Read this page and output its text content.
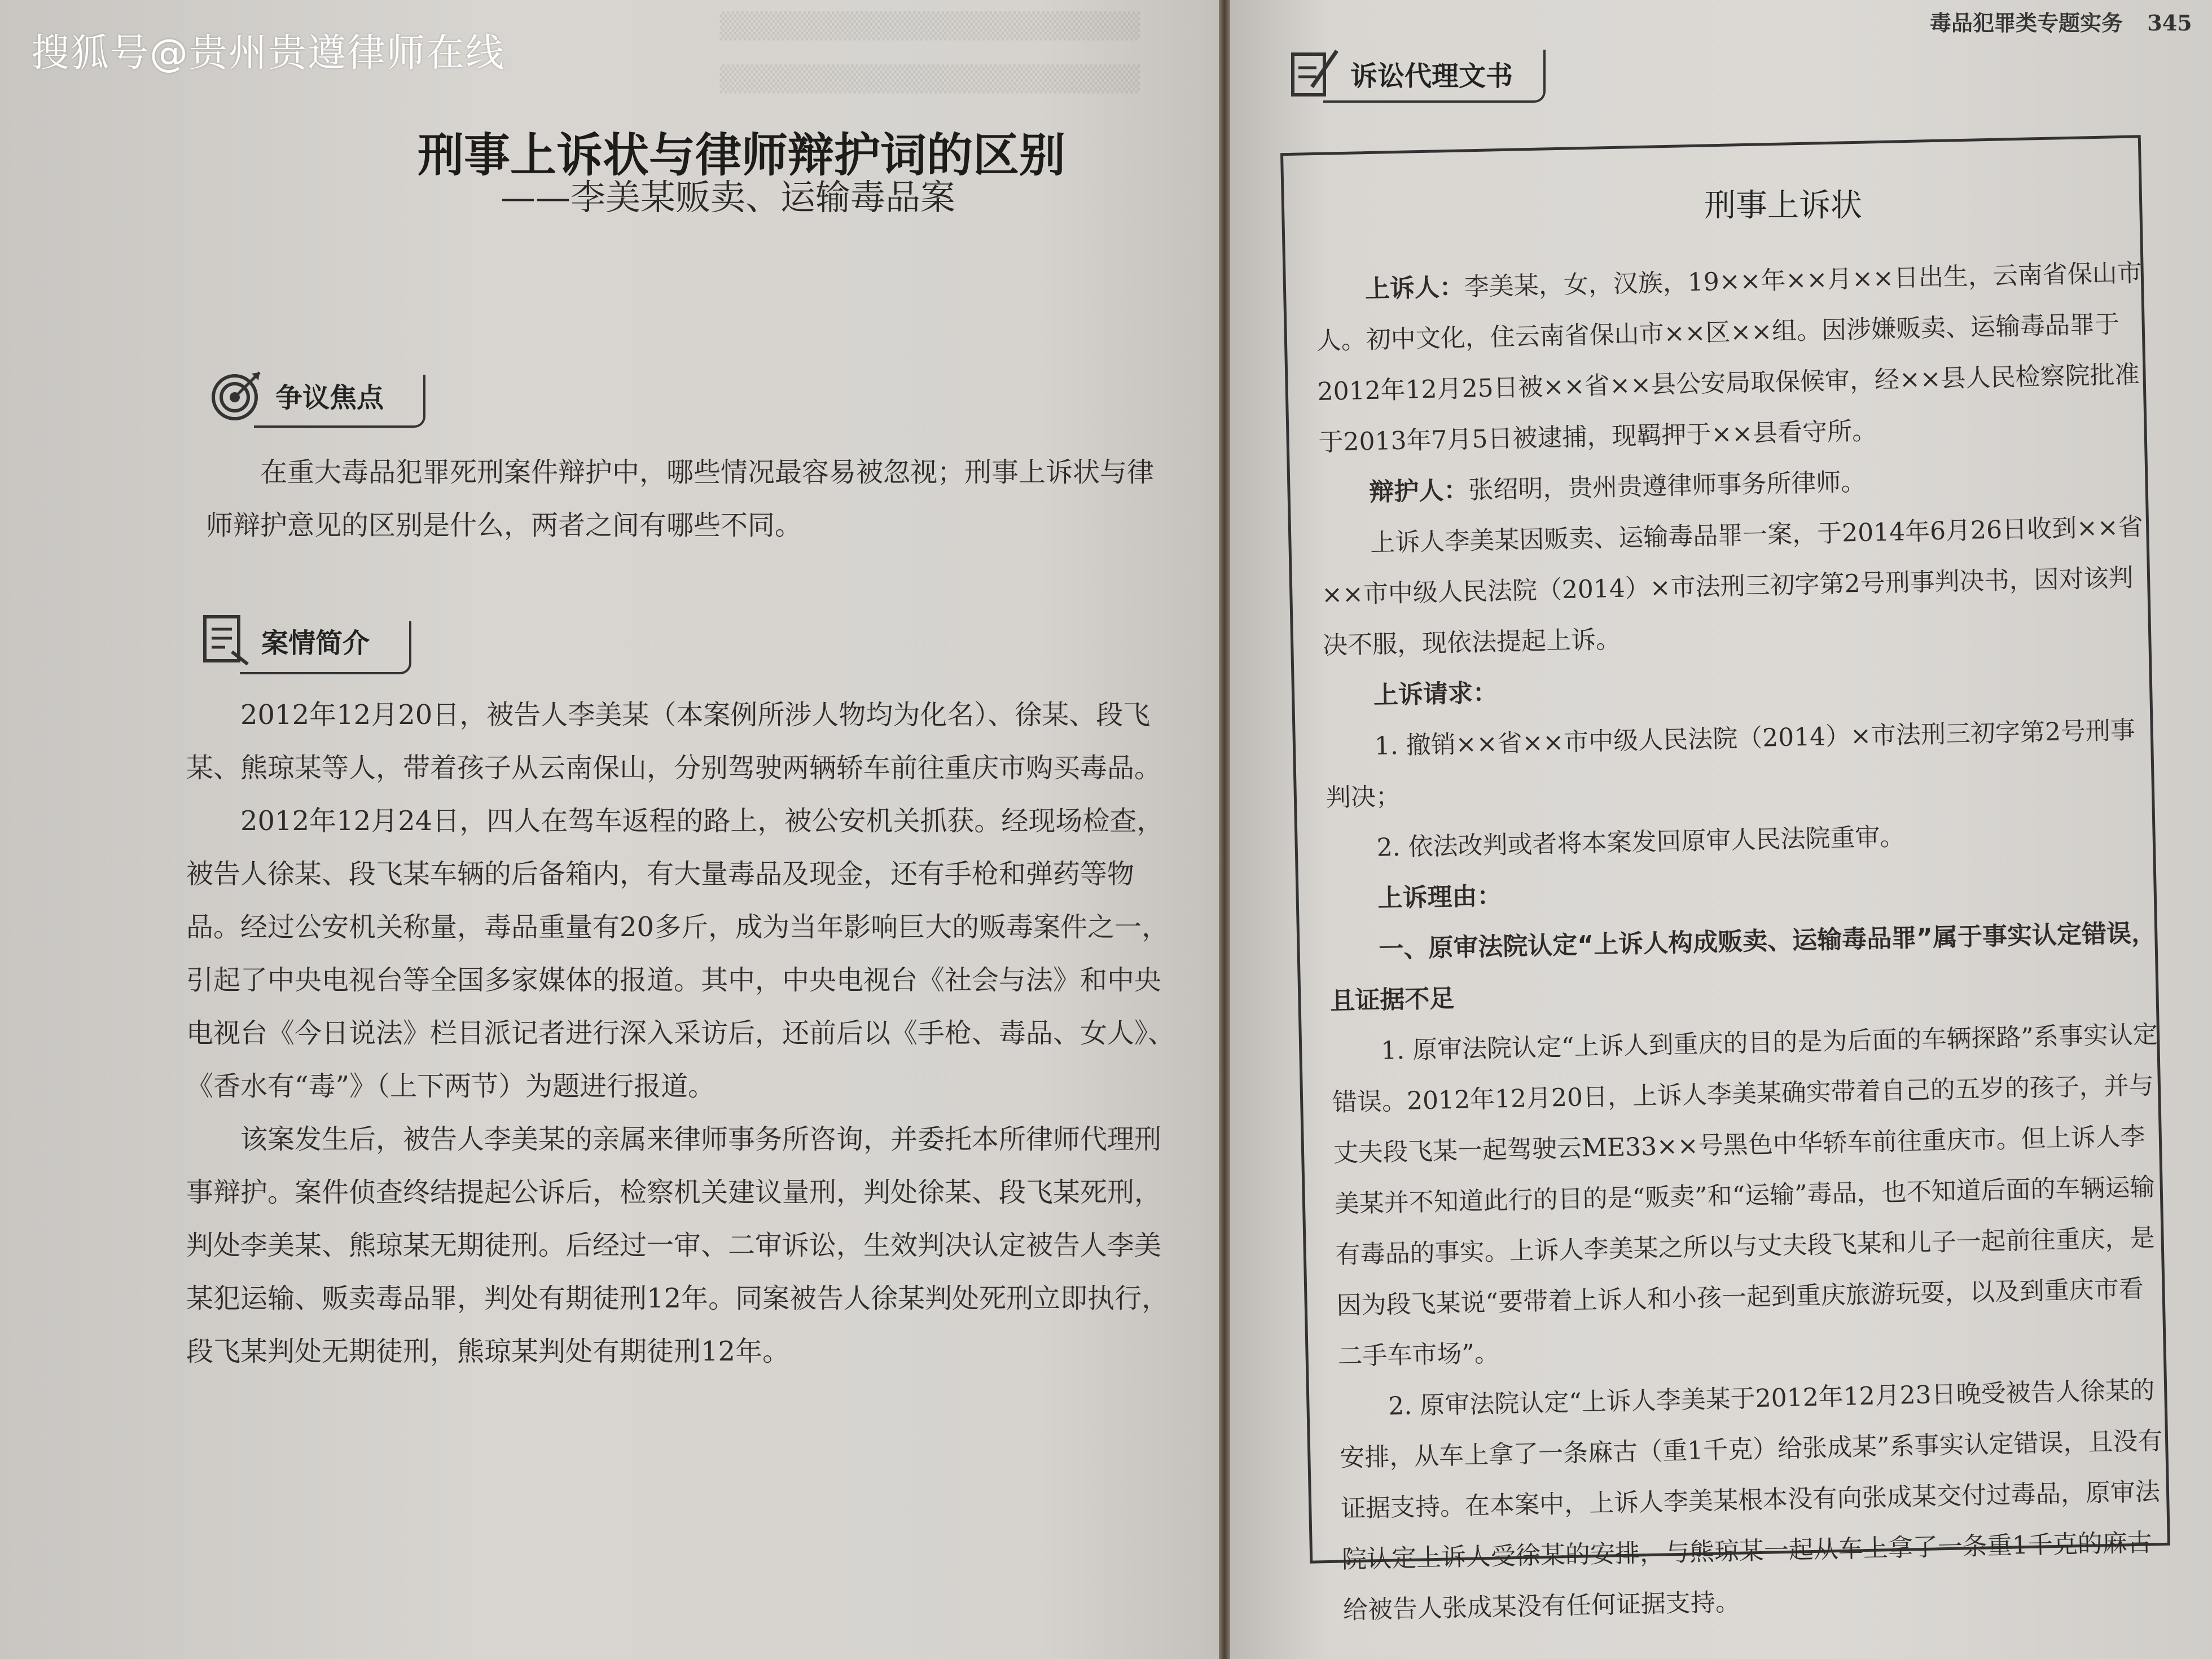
▒▒▒▒▒▒▒▒▒▒▒▒▒▒▒▒▒▒▒▒▒▒
▒▒▒▒▒▒▒▒▒▒▒▒▒▒▒▒▒▒▒▒▒▒
搜狐号@贵州贵遵律师在线
刑事上诉状与律师辩护词的区别
——李美某贩卖、运输毒品案
争议焦点

在重大毒品犯罪死刑案件辩护中，哪些情况最容易被忽视；刑事上诉状与律师辩护意见的区别是什么，两者之间有哪些不同。

案情简介

2012年12月20日，被告人李美某（本案例所涉人物均为化名）、徐某、段飞某、熊琼某等人，带着孩子从云南保山，分别驾驶两辆轿车前往重庆市购买毒品。

2012年12月24日，四人在驾车返程的路上，被公安机关抓获。经现场检查，被告人徐某、段飞某车辆的后备箱内，有大量毒品及现金，还有手枪和弹药等物品。经过公安机关称量，毒品重量有20多斤，成为当年影响巨大的贩毒案件之一，引起了中央电视台等全国多家媒体的报道。其中，中央电视台《社会与法》和中央电视台《今日说法》栏目派记者进行深入采访后，还前后以《手枪、毒品、女人》、《香水有“毒”》（上下两节）为题进行报道。

该案发生后，被告人李美某的亲属来律师事务所咨询，并委托本所律师代理刑事辩护。案件侦查终结提起公诉后，检察机关建议量刑，判处徐某、段飞某死刑，判处李美某、熊琼某无期徒刑。后经过一审、二审诉讼，生效判决认定被告人李美某犯运输、贩卖毒品罪，判处有期徒刑12年。同案被告人徐某判处死刑立即执行，段飞某判处无期徒刑，熊琼某判处有期徒刑12年。

毒品犯罪类专题实务 345
诉讼代理文书
刑事上诉状

上诉人：李美某，女，汉族，19××年××月××日出生，云南省保山市人。初中文化，住云南省保山市××区××组。因涉嫌贩卖、运输毒品罪于2012年12月25日被××省××县公安局取保候审，经××县人民检察院批准于2013年7月5日被逮捕，现羁押于××县看守所。

辩护人：张绍明，贵州贵遵律师事务所律师。

上诉人李美某因贩卖、运输毒品罪一案，于2014年6月26日收到××省××市中级人民法院（2014）×市法刑三初字第2号刑事判决书，因对该判决不服，现依法提起上诉。

上诉请求：

1. 撤销××省××市中级人民法院（2014）×市法刑三初字第2号刑事判决；

2. 依法改判或者将本案发回原审人民法院重审。

上诉理由：

一、原审法院认定“上诉人构成贩卖、运输毒品罪”属于事实认定错误，且证据不足

1. 原审法院认定“上诉人到重庆的目的是为后面的车辆探路”系事实认定错误。2012年12月20日，上诉人李美某确实带着自己的五岁的孩子，并与丈夫段飞某一起驾驶云ME33××号黑色中华轿车前往重庆市。但上诉人李美某并不知道此行的目的是“贩卖”和“运输”毒品，也不知道后面的车辆运输有毒品的事实。上诉人李美某之所以与丈夫段飞某和儿子一起前往重庆，是因为段飞某说“要带着上诉人和小孩一起到重庆旅游玩耍，以及到重庆市看二手车市场”。

2. 原审法院认定“上诉人李美某于2012年12月23日晚受被告人徐某的安排，从车上拿了一条麻古（重1千克）给张成某”系事实认定错误，且没有证据支持。在本案中，上诉人李美某根本没有向张成某交付过毒品，原审法院认定上诉人受徐某的安排，与熊琼某一起从车上拿了一条重1千克的麻古给被告人张成某没有任何证据支持。
